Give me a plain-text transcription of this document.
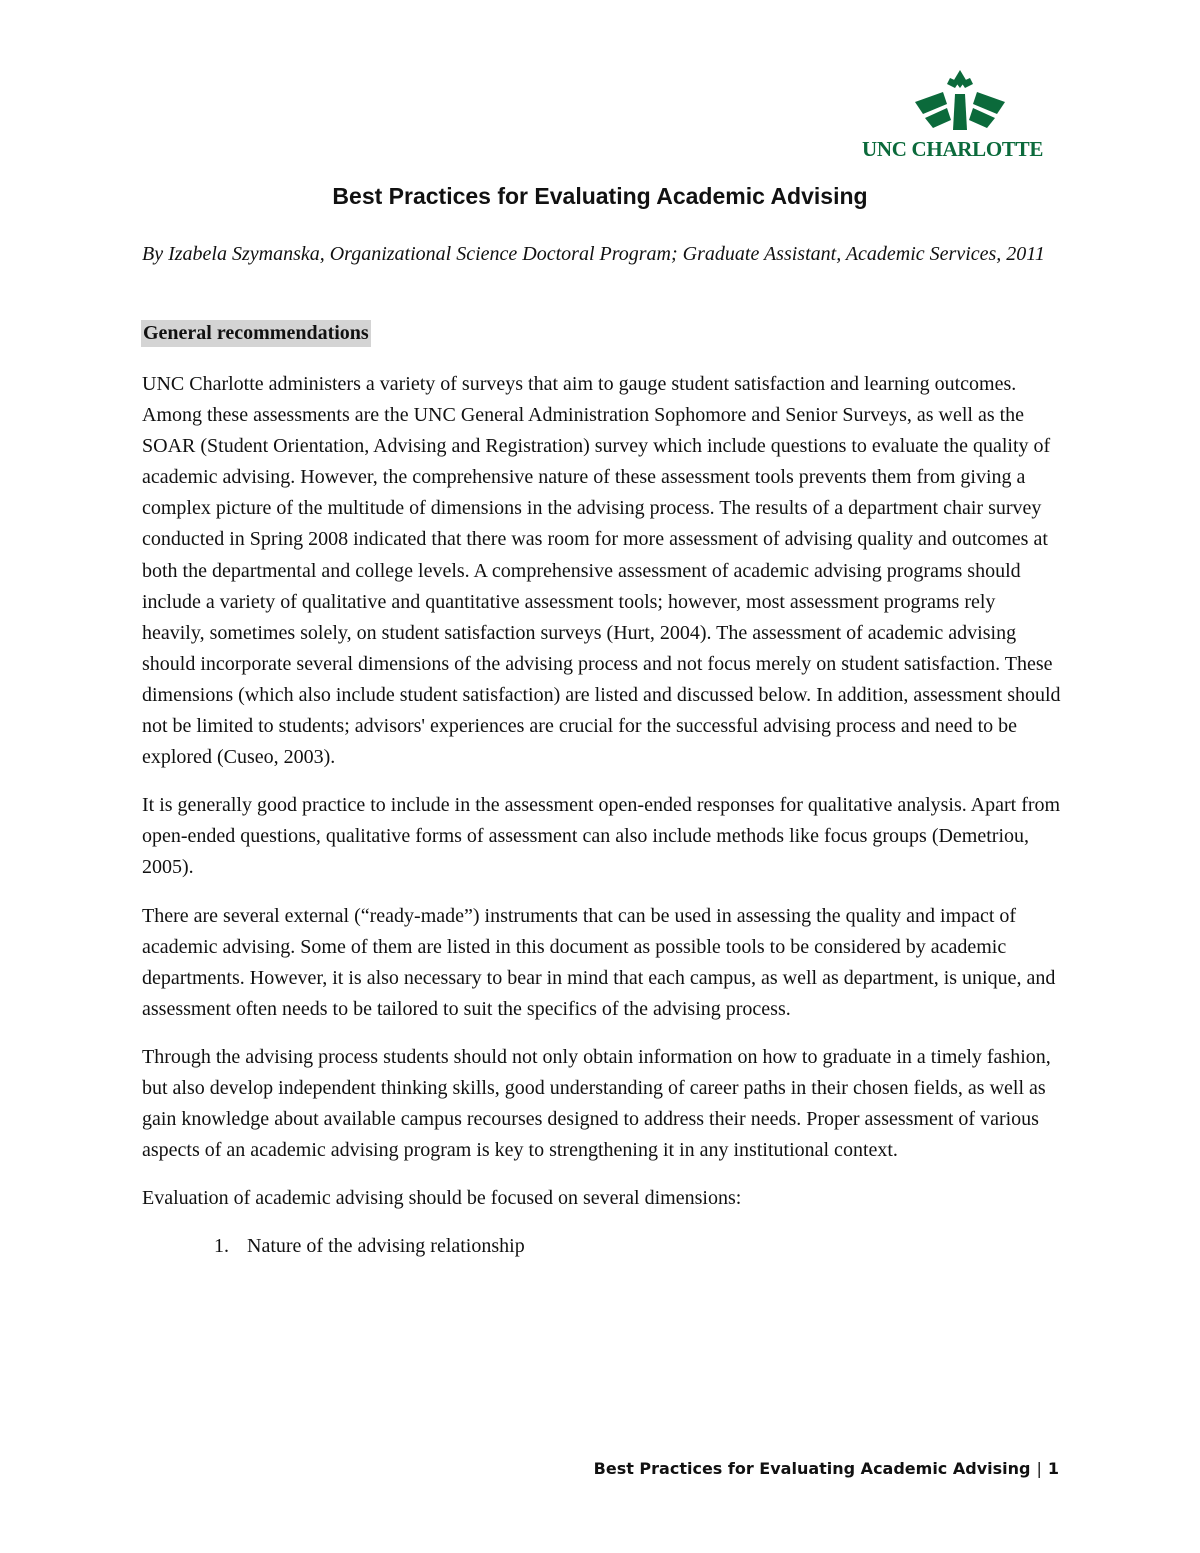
UNC CHARLOTTE
Best Practices for Evaluating Academic Advising
By Izabela Szymanska, Organizational Science Doctoral Program; Graduate Assistant, Academic Services, 2011
General recommendations

UNC Charlotte administers a variety of surveys that aim to gauge student satisfaction and learning outcomes. Among these assessments are the UNC General Administration Sophomore and Senior Surveys, as well as the SOAR (Student Orientation, Advising and Registration) survey which include questions to evaluate the quality of academic advising. However, the comprehensive nature of these assessment tools prevents them from giving a complex picture of the multitude of dimensions in the advising process. The results of a department chair survey conducted in Spring 2008 indicated that there was room for more assessment of advising quality and outcomes at both the departmental and college levels. A comprehensive assessment of academic advising programs should include a variety of qualitative and quantitative assessment tools; however, most assessment programs rely heavily, sometimes solely, on student satisfaction surveys (Hurt, 2004). The assessment of academic advising should incorporate several dimensions of the advising process and not focus merely on student satisfaction. These dimensions (which also include student satisfaction) are listed and discussed below. In addition, assessment should not be limited to students; advisors' experiences are crucial for the successful advising process and need to be explored (Cuseo, 2003).

It is generally good practice to include in the assessment open-ended responses for qualitative analysis. Apart from open-ended questions, qualitative forms of assessment can also include methods like focus groups (Demetriou, 2005).

There are several external (“ready-made”) instruments that can be used in assessing the quality and impact of academic advising. Some of them are listed in this document as possible tools to be considered by academic departments. However, it is also necessary to bear in mind that each campus, as well as department, is unique, and assessment often needs to be tailored to suit the specifics of the advising process.

Through the advising process students should not only obtain information on how to graduate in a timely fashion, but also develop independent thinking skills, good understanding of career paths in their chosen fields, as well as gain knowledge about available campus recourses designed to address their needs. Proper assessment of various aspects of an academic advising program is key to strengthening it in any institutional context.

Evaluation of academic advising should be focused on several dimensions:

1. Nature of the advising relationship
Best Practices for Evaluating Academic Advising | 1
